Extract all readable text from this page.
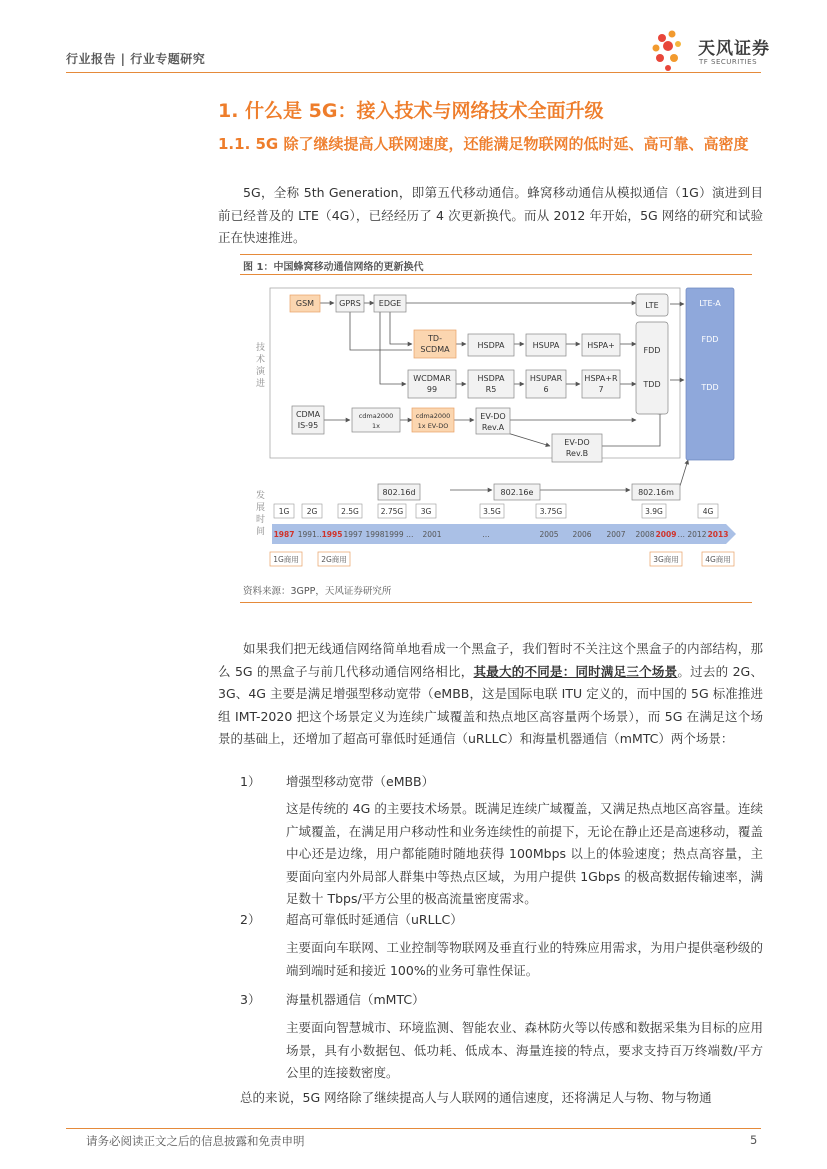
行业报告 | 行业专题研究	天风证券
TF SECURITIES
1. 什么是 5G：接入技术与网络技术全面升级
1.1. 5G 除了继续提高人联网速度，还能满足物联网的低时延、高可靠、高密度
5G，全称 5th Generation，即第五代移动通信。蜂窝移动通信从模拟通信（1G）演进到目前已经普及的 LTE（4G），已经经历了 4 次更新换代。而从 2012 年开始，5G 网络的研究和试验正在快速推进。
图 1：中国蜂窝移动通信网络的更新换代
技
术
演
进
发
展
时
间
GSM	GPRS EDGE
TD-
SCDMA	HSDPA	HSUPA	HSPA+
WCDMAR
99
HSDPA
R5
HSUPAR
6
HSPA+R
7
CDMA
IS-95
cdma2000
1x
cdma2000
1x EV-DO
EV-DO
Rev.A
EV-DO
Rev.B
LTE
FDD
TDD
LTE-A
FDD
TDD
802.16d	802.16e	802.16m
1G 2G	2.5G	2.75G 3G	3.5G	3.75G	3.9G	4G
1987 1991…
1995 1997 1998 1999 … 2001	…	2005 2006 2007 2008 2009 … 2012 2013
1G商用	2G商用	3G商用	4G商用
资料来源：3GPP，天风证券研究所
如果我们把无线通信网络简单地看成一个黑盒子，我们暂时不关注这个黑盒子的内部结构，那么 5G 的黑盒子与前几代移动通信网络相比，其最大的不同是：同时满足三个场景。过去的 2G、3G、4G 主要是满足增强型移动宽带（eMBB，这是国际电联 ITU 定义的，而中国的 5G 标准推进组 IMT-2020 把这个场景定义为连续广域覆盖和热点地区高容量两个场景），而 5G 在满足这个场景的基础上，还增加了超高可靠低时延通信（uRLLC）和海量机器通信（mMTC）两个场景：
1） 增强型移动宽带（eMBB）
这是传统的 4G 的主要技术场景。既满足连续广域覆盖，又满足热点地区高容量。连续广域覆盖，在满足用户移动性和业务连续性的前提下，无论在静止还是高速移动，覆盖中心还是边缘，用户都能随时随地获得 100Mbps 以上的体验速度；热点高容量，主要面向室内外局部人群集中等热点区域，为用户提供 1Gbps 的极高数据传输速率，满足数十 Tbps/平方公里的极高流量密度需求。
2） 超高可靠低时延通信（uRLLC）
主要面向车联网、工业控制等物联网及垂直行业的特殊应用需求，为用户提供毫秒级的端到端时延和接近 100%的业务可靠性保证。
3） 海量机器通信（mMTC）
主要面向智慧城市、环境监测、智能农业、森林防火等以传感和数据采集为目标的应用场景，具有小数据包、低功耗、低成本、海量连接的特点，要求支持百万终端数/平方公里的连接数密度。
总的来说，5G 网络除了继续提高人与人联网的通信速度，还将满足人与物、物与物通
请务必阅读正文之后的信息披露和免责申明	5
